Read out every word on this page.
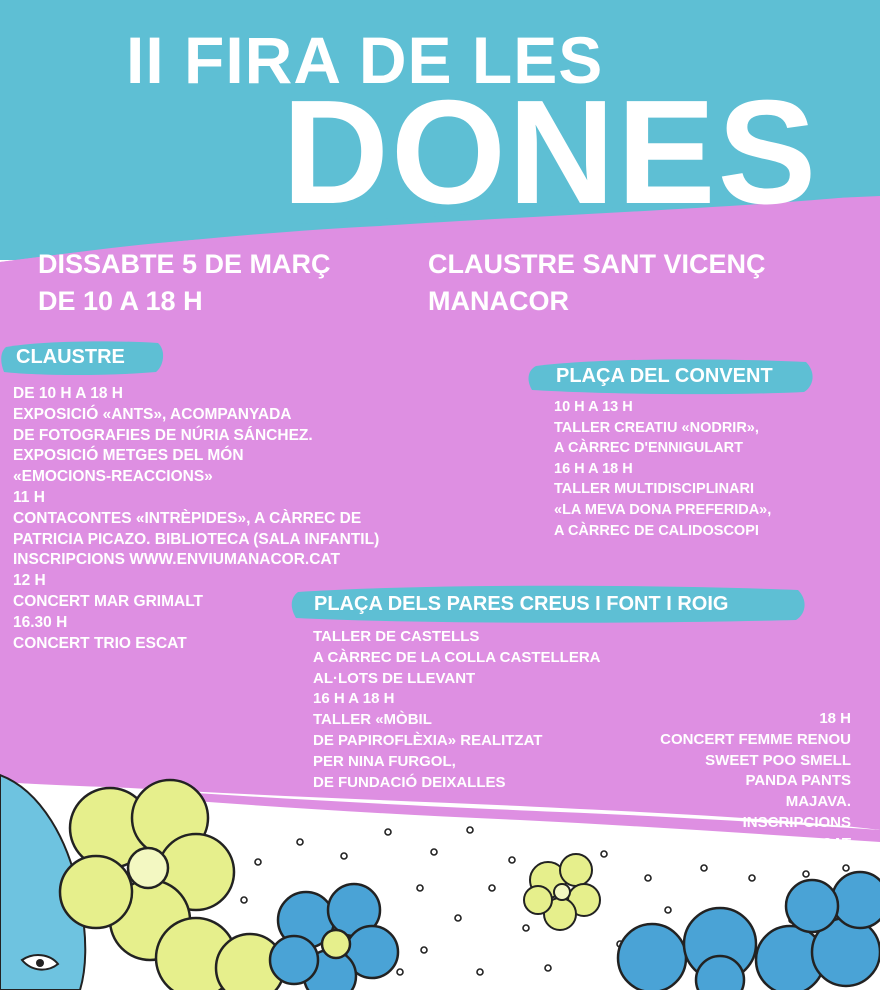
II FIRA DE LES
DONES
DISSABTE 5 DE MARÇ
DE 10 A 18 H
CLAUSTRE SANT VICENÇ
MANACOR
CLAUSTRE
PLAÇA DEL CONVENT
PLAÇA DELS PARES CREUS I FONT I ROIG
DE 10 H A 18 H
EXPOSICIÓ «ANTS», ACOMPANYADA
DE FOTOGRAFIES DE NÚRIA SÁNCHEZ.
EXPOSICIÓ METGES DEL MÓN
«EMOCIONS-REACCIONS»
11 H
CONTACONTES «INTRÈPIDES», A CÀRREC DE
PATRICIA PICAZO. BIBLIOTECA (SALA INFANTIL)
INSCRIPCIONS WWW.ENVIUMANACOR.CAT
12 H
CONCERT MAR GRIMALT
16.30 H
CONCERT TRIO ESCAT
10 H A 13 H
TALLER CREATIU «NODRIR»,
A CÀRREC D'ENNIGULART
16 H A 18 H
TALLER MULTIDISCIPLINARI
«LA MEVA DONA PREFERIDA»,
A CÀRREC DE CALIDOSCOPI
TALLER DE CASTELLS
A CÀRREC DE LA COLLA CASTELLERA
AL·LOTS DE LLEVANT
16 H A 18 H
TALLER «MÒBIL
DE PAPIROFLÈXIA» REALITZAT
PER NINA FURGOL,
DE FUNDACIÓ DEIXALLES
18 H
CONCERT FEMME RENOU
SWEET POO SMELL
PANDA PANTS
MAJAVA.
INSCRIPCIONS
WWW.ENVIUMANACOR.CAT
